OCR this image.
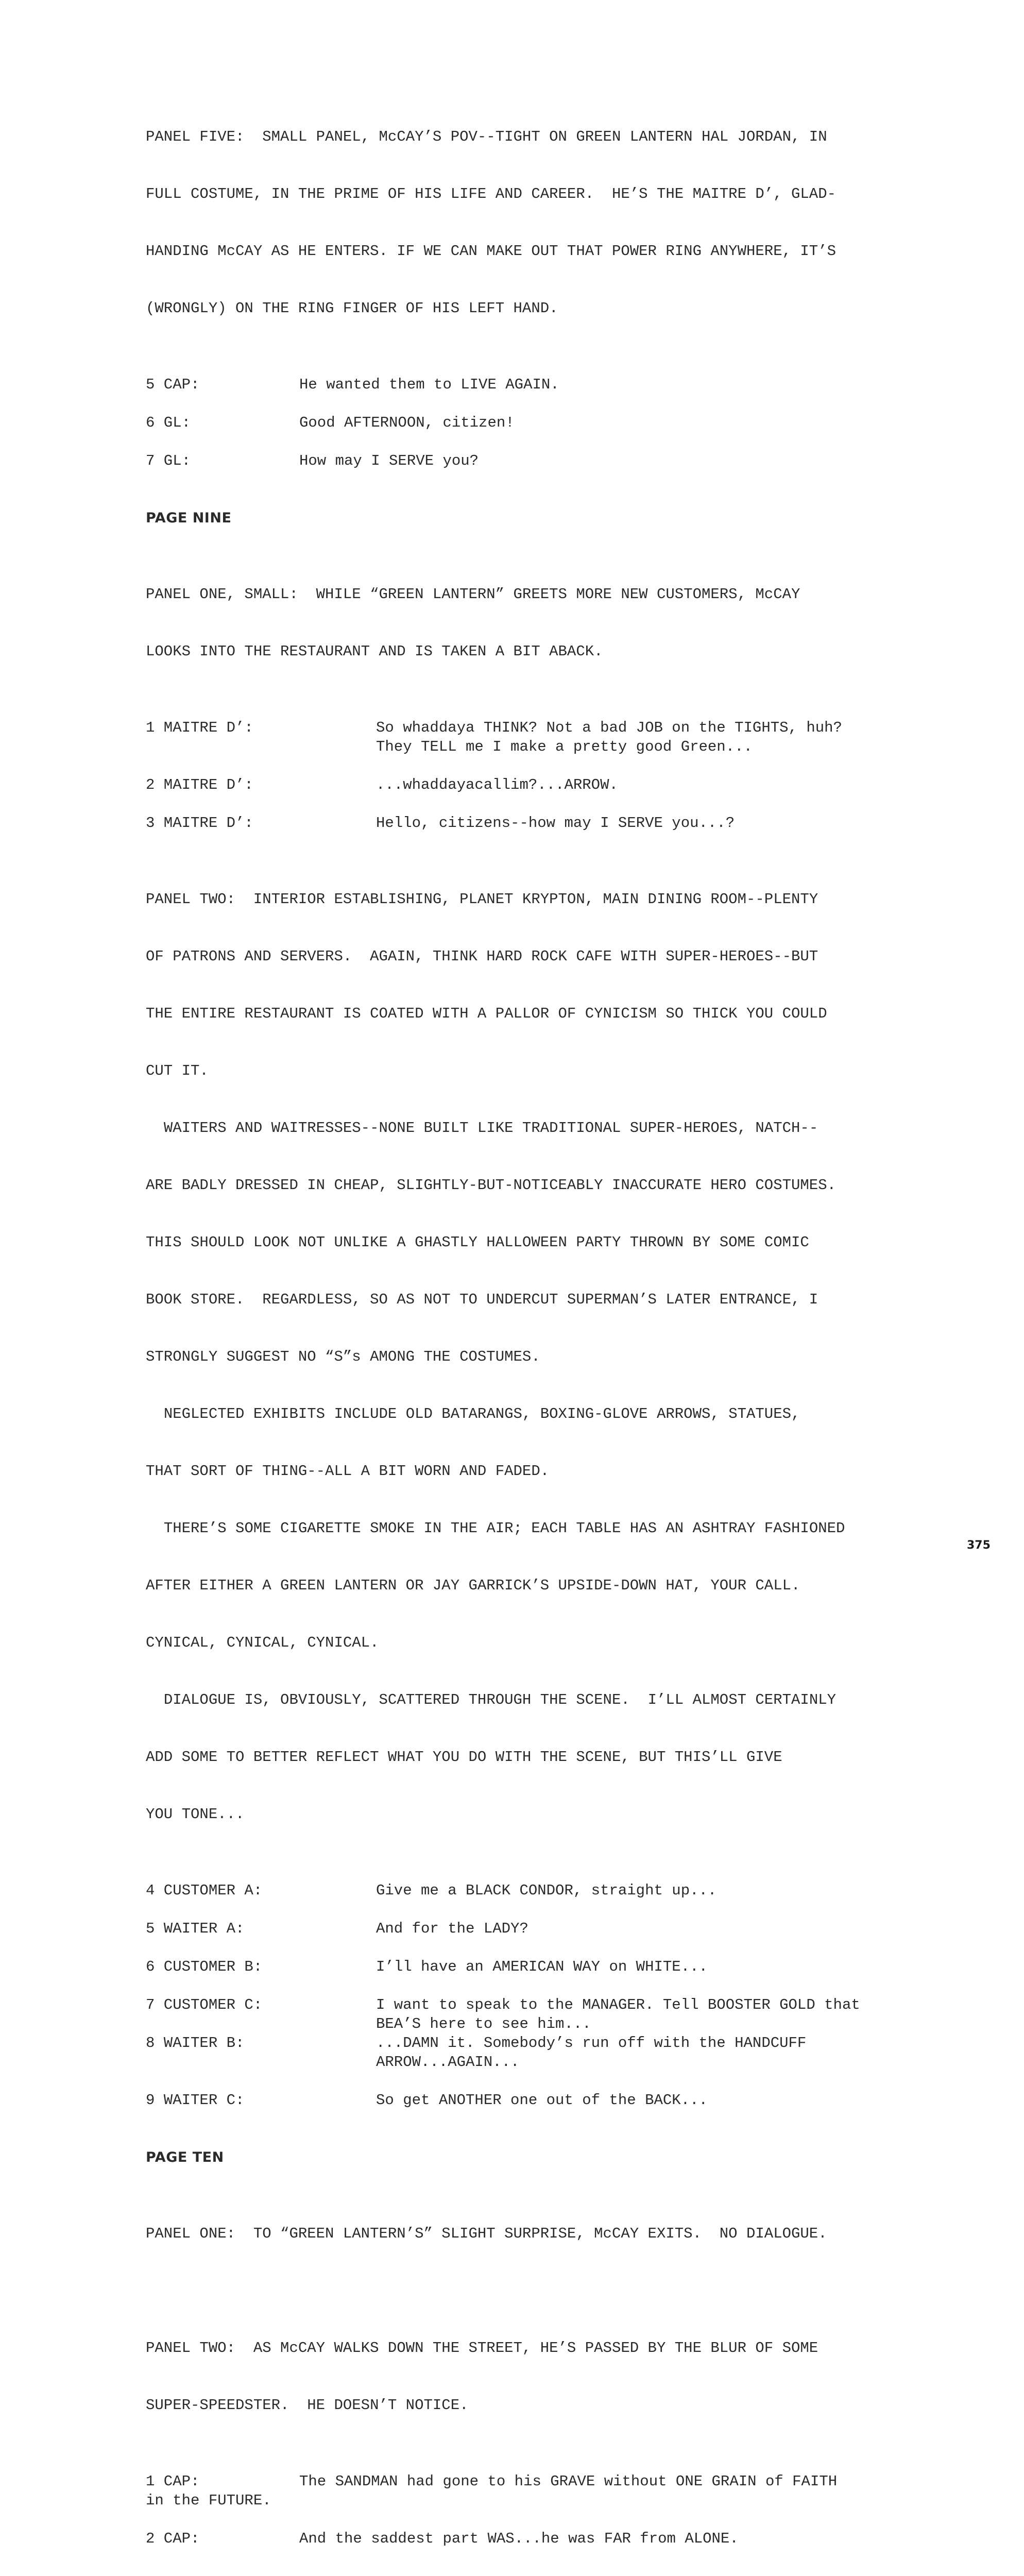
PANEL FIVE:  SMALL PANEL, McCAY’S POV--TIGHT ON GREEN LANTERN HAL JORDAN, IN

FULL COSTUME, IN THE PRIME OF HIS LIFE AND CAREER.  HE’S THE MAITRE D’, GLAD-

HANDING McCAY AS HE ENTERS. IF WE CAN MAKE OUT THAT POWER RING ANYWHERE, IT’S

(WRONGLY) ON THE RING FINGER OF HIS LEFT HAND.

5 CAP:	He wanted them to LIVE AGAIN.
6 GL:	Good AFTERNOON, citizen!
7 GL:	How may I SERVE you?

PAGE NINE

PANEL ONE, SMALL:  WHILE “GREEN LANTERN” GREETS MORE NEW CUSTOMERS, McCAY

LOOKS INTO THE RESTAURANT AND IS TAKEN A BIT ABACK.

1 MAITRE D’:	So whaddaya THINK? Not a bad JOB on the TIGHTS, huh?
They TELL me I make a pretty good Green...
2 MAITRE D’:	...whaddayacallim?...ARROW.
3 MAITRE D’:	Hello, citizens--how may I SERVE you...?

PANEL TWO:  INTERIOR ESTABLISHING, PLANET KRYPTON, MAIN DINING ROOM--PLENTY

OF PATRONS AND SERVERS.  AGAIN, THINK HARD ROCK CAFE WITH SUPER-HEROES--BUT

THE ENTIRE RESTAURANT IS COATED WITH A PALLOR OF CYNICISM SO THICK YOU COULD

CUT IT.

WAITERS AND WAITRESSES--NONE BUILT LIKE TRADITIONAL SUPER-HEROES, NATCH--

ARE BADLY DRESSED IN CHEAP, SLIGHTLY-BUT-NOTICEABLY INACCURATE HERO COSTUMES.

THIS SHOULD LOOK NOT UNLIKE A GHASTLY HALLOWEEN PARTY THROWN BY SOME COMIC

BOOK STORE.  REGARDLESS, SO AS NOT TO UNDERCUT SUPERMAN’S LATER ENTRANCE, I

STRONGLY SUGGEST NO “S”s AMONG THE COSTUMES.

NEGLECTED EXHIBITS INCLUDE OLD BATARANGS, BOXING-GLOVE ARROWS, STATUES,

THAT SORT OF THING--ALL A BIT WORN AND FADED.

THERE’S SOME CIGARETTE SMOKE IN THE AIR; EACH TABLE HAS AN ASHTRAY FASHIONED

AFTER EITHER A GREEN LANTERN OR JAY GARRICK’S UPSIDE-DOWN HAT, YOUR CALL.

CYNICAL, CYNICAL, CYNICAL.

DIALOGUE IS, OBVIOUSLY, SCATTERED THROUGH THE SCENE.  I’LL ALMOST CERTAINLY

ADD SOME TO BETTER REFLECT WHAT YOU DO WITH THE SCENE, BUT THIS’LL GIVE

YOU TONE...

4 CUSTOMER A:	Give me a BLACK CONDOR, straight up...
5 WAITER A:	And for the LADY?
6 CUSTOMER B:	I’ll have an AMERICAN WAY on WHITE...
7 CUSTOMER C:	I want to speak to the MANAGER. Tell BOOSTER GOLD that
BEA’S here to see him...
8 WAITER B:	...DAMN it. Somebody’s run off with the HANDCUFF
ARROW...AGAIN...
9 WAITER C:	So get ANOTHER one out of the BACK...

PAGE TEN

PANEL ONE:  TO “GREEN LANTERN’S” SLIGHT SURPRISE, McCAY EXITS.  NO DIALOGUE.

PANEL TWO:  AS McCAY WALKS DOWN THE STREET, HE’S PASSED BY THE BLUR OF SOME

SUPER-SPEEDSTER.  HE DOESN’T NOTICE.

1 CAP:	The SANDMAN had gone to his GRAVE without ONE GRAIN of FAITH
in the FUTURE.
2 CAP:	And the saddest part WAS...he was FAR from ALONE.

375
